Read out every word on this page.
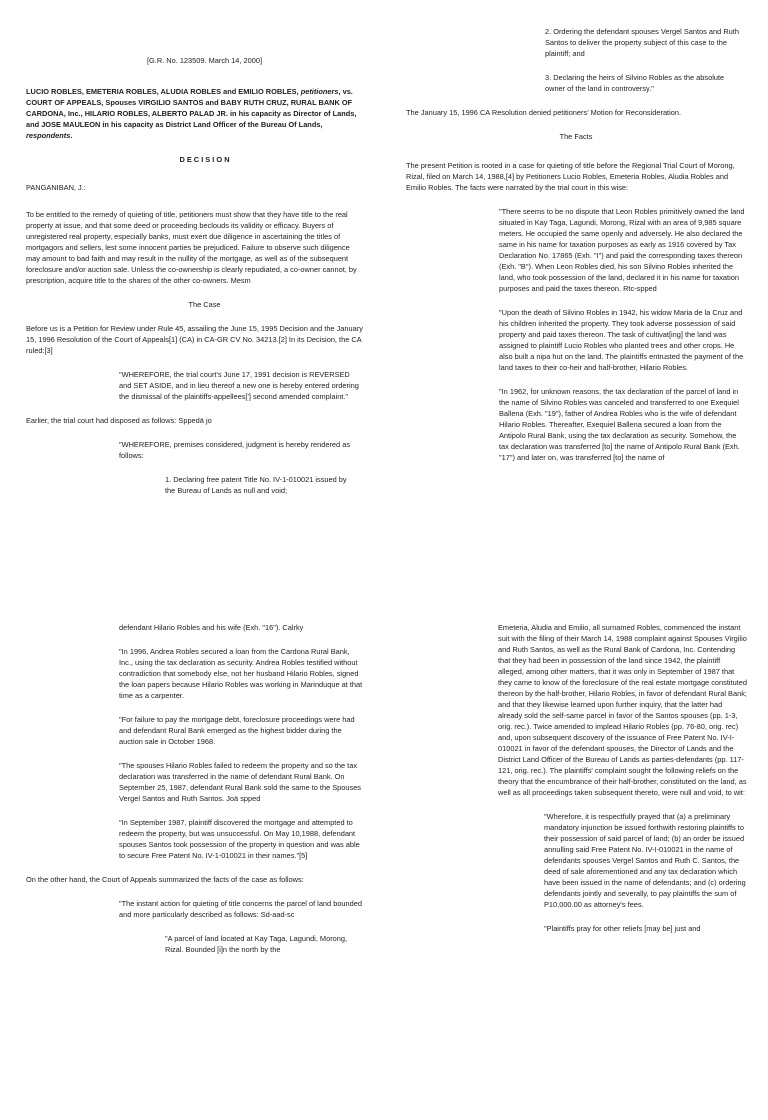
[G.R. No. 123509. March 14, 2000]

LUCIO ROBLES, EMETERIA ROBLES, ALUDIA ROBLES and EMILIO ROBLES, petitioners, vs. COURT OF APPEALS, Spouses VIRGILIO SANTOS and BABY RUTH CRUZ, RURAL BANK OF CARDONA, Inc., HILARIO ROBLES, ALBERTO PALAD JR. in his capacity as Director of Lands, and JOSE MAULEON in his capacity as District Land Officer of the Bureau Of Lands, respondents.

D E C I S I O N

PANGANIBAN, J.:

To be entitled to the remedy of quieting of title, petitioners must show that they have title to the real property at issue, and that some deed or proceeding beclouds its validity or efficacy. Buyers of unregistered real property, especially banks, must exert due diligence in ascertaining the titles of mortgagors and sellers, lest some innocent parties be prejudiced. Failure to observe such diligence may amount to bad faith and may result in the nullity of the mortgage, as well as of the subsequent foreclosure and/or auction sale. Unless the co-ownership is clearly repudiated, a co-owner cannot, by prescription, acquire title to the shares of the other co-owners. Mesm

The Case

Before us is a Petition for Review under Rule 45, assailing the June 15, 1995 Decision and the January 15, 1996 Resolution of the Court of Appeals[1] (CA) in CA-GR CV No. 34213.[2] In its Decision, the CA ruled:[3]

"WHEREFORE, the trial court's June 17, 1991 decision is REVERSED and SET ASIDE, and in lieu thereof a new one is hereby entered ordering the dismissal of the plaintiffs-appellees['] second amended complaint."

Earlier, the trial court had disposed as follows: Sppedä jo

"WHEREFORE, premises considered, judgment is hereby rendered as follows:

1. Declaring free patent Title No. IV-1-010021 issued by the Bureau of Lands as null and void;

2. Ordering the defendant spouses Vergel Santos and Ruth Santos to deliver the property subject of this case to the plaintiff; and

3. Declaring the heirs of Silvino Robles as the absolute owner of the land in controversy."

The January 15, 1996 CA Resolution denied petitioners' Motion for Reconsideration.

The Facts

The present Petition is rooted in a case for quieting of title before the Regional Trial Court of Morong, Rizal, filed on March 14, 1988,[4] by Petitioners Lucio Robles, Emeteria Robles, Aludia Robles and Emilio Robles. The facts were narrated by the trial court in this wise:

"There seems to be no dispute that Leon Robles primitively owned the land situated in Kay Taga, Lagundi, Morong, Rizal with an area of 9,985 square meters. He occupied the same openly and adversely. He also declared the same in his name for taxation purposes as early as 1916 covered by Tax Declaration No. 17865 (Exh. "I") and paid the corresponding taxes thereon (Exh. "B"). When Leon Robles died, his son Silvino Robles inherited the land, who took possession of the land, declared it in his name for taxation purposes and paid the taxes thereon. Rtc-spped

"Upon the death of Silvino Robles in 1942, his widow Maria de la Cruz and his children inherited the property. They took adverse possession of said property and paid taxes thereon. The task of cultivat[ing] the land was assigned to plaintiff Lucio Robles who planted trees and other crops. He also built a nipa hut on the land. The plaintiffs entrusted the payment of the land taxes to their co-heir and half-brother, Hilario Robles.

"In 1962, for unknown reasons, the tax declaration of the parcel of land in the name of Silvino Robles was canceled and transferred to one Exequiel Ballena (Exh. "19"), father of Andrea Robles who is the wife of defendant Hilario Robles. Thereafter, Exequiel Ballena secured a loan from the Antipolo Rural Bank, using the tax declaration as security. Somehow, the tax declaration was transferred [to] the name of Antipolo Rural Bank (Exh. "17") and later on, was transferred [to] the name of

defendant Hilario Robles and his wife (Exh. "16"). Calrky

"In 1996, Andrea Robles secured a loan from the Cardona Rural Bank, Inc., using the tax declaration as security. Andrea Robles testified without contradiction that somebody else, not her husband Hilario Robles, signed the loan papers because Hilario Robles was working in Marinduque at that time as a carpenter.

"For failure to pay the mortgage debt, foreclosure proceedings were had and defendant Rural Bank emerged as the highest bidder during the auction sale in October 1968.

"The spouses Hilario Robles failed to redeem the property and so the tax declaration was transferred in the name of defendant Rural Bank. On September 25, 1987, defendant Rural Bank sold the same to the Spouses Vergel Santos and Ruth Santos. Joä spped

"In September 1987, plaintiff discovered the mortgage and attempted to redeem the property, but was unsuccessful. On May 10,1988, defendant spouses Santos took possession of the property in question and was able to secure Free Patent No. IV-1-010021 in their names."[5]

On the other hand, the Court of Appeals summarized the facts of the case as follows:

"The instant action for quieting of title concerns the parcel of land bounded and more particularly described as follows: Sd-aad-sc

"A parcel of land located at Kay Taga, Lagundi, Morong, Rizal. Bounded [i]n the north by the

Emeteria, Aludia and Emilio, all surnamed Robles, commenced the instant suit with the filing of their March 14, 1988 complaint against Spouses Virgilio and Ruth Santos, as well as the Rural Bank of Cardona, Inc. Contending that they had been in possession of the land since 1942, the plaintiff alleged, among other matters, that it was only in September of 1987 that they came to know of the foreclosure of the real estate mortgage constituted thereon by the half-brother, Hilario Robles, in favor of defendant Rural Bank; and that they likewise learned upon further inquiry, that the latter had already sold the self-same parcel in favor of the Santos spouses (pp. 1-3, orig. rec.). Twice amended to implead Hilario Robles (pp. 76-80, orig. rec) and, upon subsequent discovery of the issuance of Free Patent No. IV-I-010021 in favor of the defendant spouses, the Director of Lands and the District Land Officer of the Bureau of Lands as parties-defendants (pp. 117-121, orig. rec.). The plaintiffs' complaint sought the following reliefs on the theory that the encumbrance of their half-brother, constituted on the land, as well as all proceedings taken subsequent thereto, were null and void, to wit:

"Wherefore, it is respectfully prayed that (a) a preliminary mandatory injunction be issued forthwith restoring plaintiffs to their possession of said parcel of land; (b) an order be issued annulling said Free Patent No. IV-I-010021 in the name of defendants spouses Vergel Santos and Ruth C. Santos, the deed of sale aforementioned and any tax declaration which have been issued in the name of defendants; and (c) ordering defendants jointly and severally, to pay plaintiffs the sum of P10,000.00 as attorney's fees.

"Plaintiffs pray for other reliefs [may be] just and
